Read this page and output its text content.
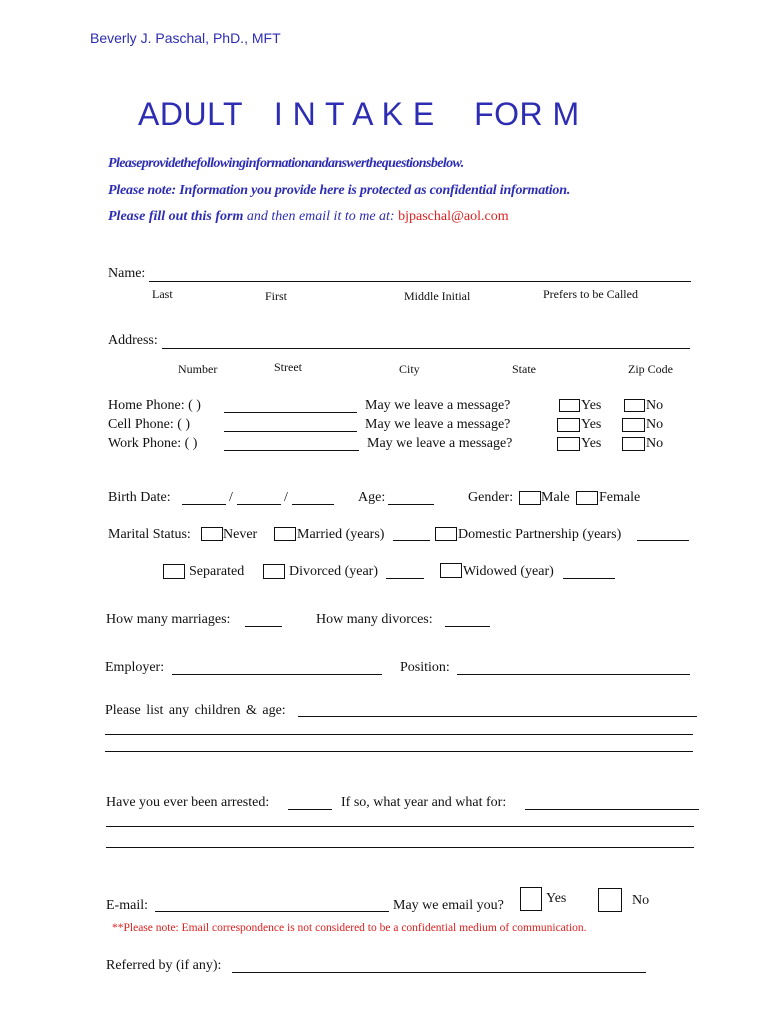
Beverly J. Paschal, PhD., MFT
ADULT I N T A K E FOR M
Pleaseprovidethefollowinginformationandanswerthequestionsbelow.
Please note: Information you provide here is protected as confidential information.
Please fill out this form and then email it to me at: bjpaschal@aol.com
Name:
Last	First	Middle Initial	Prefers to be Called
Address:
Number	Street	City	State	Zip Code
Home Phone: ( )	May we leave a message?	Yes	No
Cell Phone: ( )	May we leave a message?	Yes	No
Work Phone: ( )	May we leave a message?	Yes	No
Birth Date:	/	/	Age:	Gender: Male Female
Marital Status: Never	Married (years)	Domestic Partnership (years)
Separated	Divorced (year)	Widowed (year)
How many marriages:	How many divorces:
Employer:	Position:
Please list any children & age:
Have you ever been arrested:	If so, what year and what for:
E-mail:	May we email you?	Yes	No
**Please note: Email correspondence is not considered to be a confidential medium of communication.
Referred by (if any):
